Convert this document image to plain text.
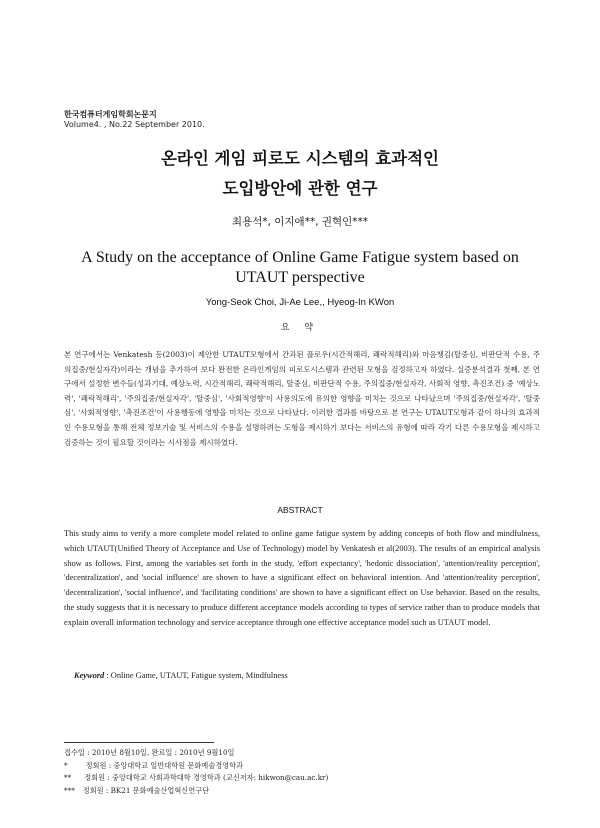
한국컴퓨터게임학회논문지
Volume4. , No.22 September 2010.
온라인 게임 피로도 시스템의 효과적인
도입방안에 관한 연구
최용석*, 이지애**, 권혁인***
A Study on the acceptance of Online Game Fatigue system based on
UTAUT perspective
Yong-Seok Choi, Ji-Ae Lee,, Hyeog-In KWon
요 약
본 연구에서는 Venkatesh 등(2003)이 제안한 UTAUT모형에서 간과된 플로우(시간적해리, 쾌락적해리)와 마음챙김(탈중심, 비판단적 수용, 주의집중/현실자각)이라는 개념을 추가하여 보다 완전한 온라인게임의 피로도시스템과 관련된 모형을 검정하고자 하였다. 실증분석결과 첫째, 본 연구에서 설정한 변수들(성과기대, 예상노력, 시간적해리, 쾌락적해리, 탈중심, 비판단적 수용, 주의집중/현실자각, 사회적 영향, 촉진조건) 중 '예상노력', '쾌락적해리', '주의집중/현실자각', '탈중심', '사회적영향'이 사용의도에 유의한 영향을 미치는 것으로 나타났으며 '주의집중/현실자각', '탈중심', '사회적영향', '촉진조건'이 사용행동에 영향을 미치는 것으로 나타났다. 이러한 결과를 바탕으로 본 연구는 UTAUT모형과 같이 하나의 효과적인 수용모형을 통해 전체 정보기술 및 서비스의 수용을 설명하려는 도형을 제시하기 보다는 서비스의 유형에 따라 각기 다른 수용모형을 제시하고 검증하는 것이 필요할 것이라는 시사점을 제시하였다.
ABSTRACT
This study aims to verify a more complete model related to online game fatigue system by adding concepts of both flow and mindfulness, which UTAUT(Unified Theory of Acceptance and Use of Technology) model by Venkatesh et al(2003). The results of an empirical analysis show as follows. First, among the variables set forth in the study, 'effort expectancy', 'hedonic dissociation', 'attention/reality perception', 'decentralization', and 'social influence' are shown to have a significant effect on behavioral intention. And 'attention/reality perception', 'decentralization', 'social influence', and 'facilitating conditions' are shown to have a significant effect on Use behavior. Based on the results, the study suggests that it is necessary to produce different acceptance models according to types of service rather than to produce models that explain overall information technology and service acceptance through one effective acceptance model such as UTAUT model.
Keyword : Online Game, UTAUT, Fatigue system, Mindfulness
접수일 : 2010년 8월10일, 완료일 : 2010년 9월10일
*	정회원 : 중앙대학교 일반대학원 문화예술경영학과
** 정회원 : 중앙대학교 사회과학대학 경영학과 (교신저자: hikwon@cau.ac.kr)
*** 정회원 : BK21 문화예술산업혁신연구단
